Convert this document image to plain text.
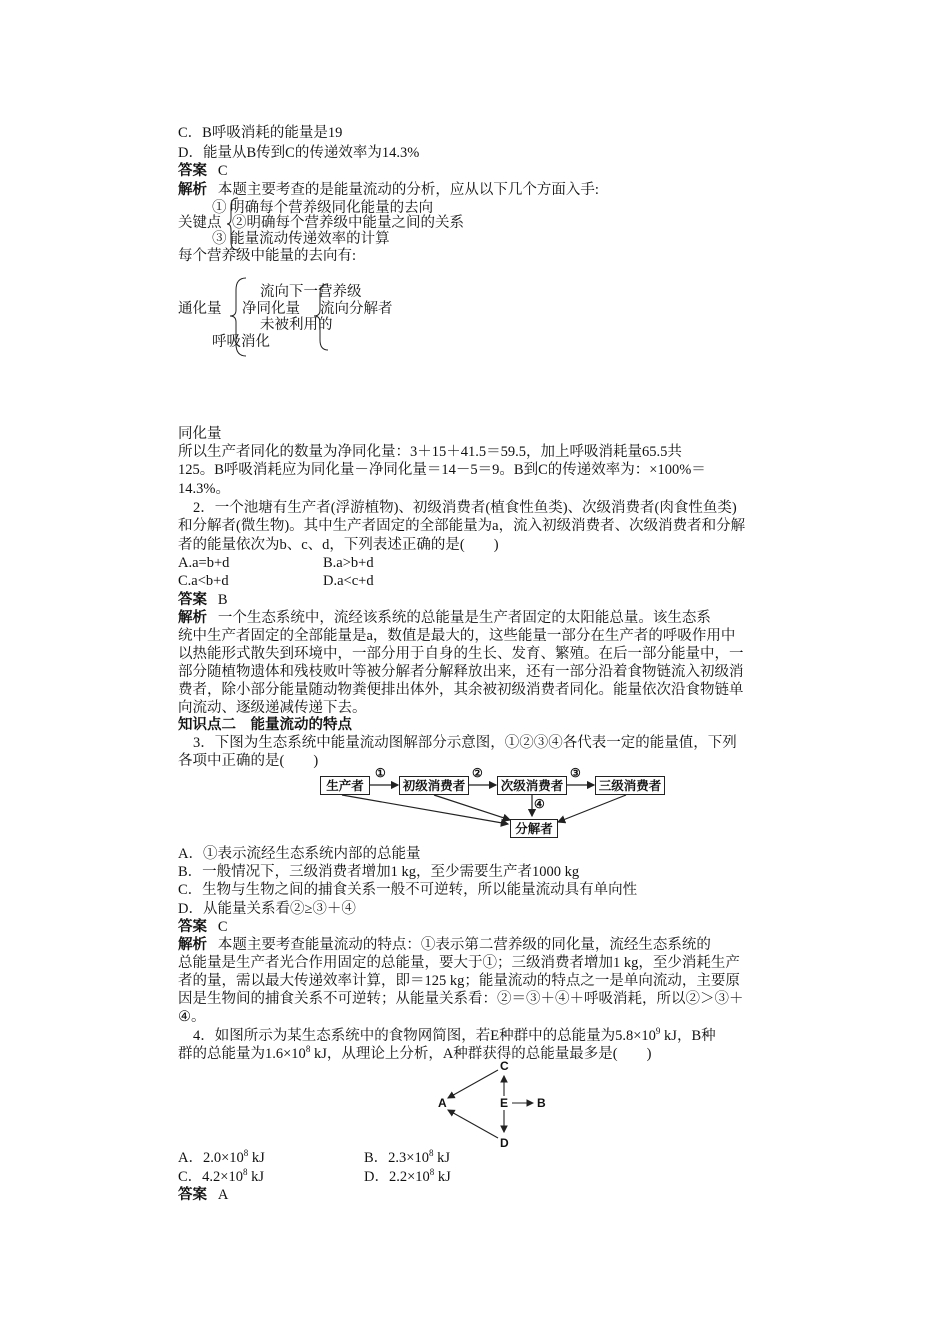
C．B呼吸消耗的能量是19
D．能量从B传到C的传递效率为14.3%
答案 C
解析 本题主要考查的是能量流动的分析，应从以下几个方面入手:
① 明确每个营养级同化能量的去向
关键点 ②明确每个营养级中能量之间的关系
③ 能量流动传递效率的计算
每个营养级中能量的去向有:
通化量 净同化量
呼吸消化
流向下一营养级
流向分解者
未被利用的
同化量
所以生产者同化的数量为净同化量：3＋15＋41.5＝59.5，加上呼吸消耗量65.5共
125。B呼吸消耗应为同化量－净同化量＝14－5＝9。B到C的传递效率为：×100%＝
14.3%。
2．一个池塘有生产者(浮游植物)、初级消费者(植食性鱼类)、次级消费者(肉食性鱼类)
和分解者(微生物)。其中生产者固定的全部能量为a，流入初级消费者、次级消费者和分解
者的能量依次为b、c、d，下列表述正确的是(　　)
A.a=b+d	B.a>b+d
C.a<b+d	D.a<c+d
答案 B
解析 一个生态系统中，流经该系统的总能量是生产者固定的太阳能总量。该生态系
统中生产者固定的全部能量是a，数值是最大的，这些能量一部分在生产者的呼吸作用中
以热能形式散失到环境中，一部分用于自身的生长、发育、繁殖。在后一部分能量中，一
部分随植物遗体和残枝败叶等被分解者分解释放出来，还有一部分沿着食物链流入初级消
费者，除小部分能量随动物粪便排出体外，其余被初级消费者同化。能量依次沿食物链单
向流动、逐级递减传递下去。
知识点二　能量流动的特点
3．下图为生态系统中能量流动图解部分示意图，①②③④各代表一定的能量值，下列
各项中正确的是(　　)
生产者	初级消费者	次级消费者	三级消费者
分解者
①	②	③
④
A．①表示流经生态系统内部的总能量
B．一般情况下，三级消费者增加1 kg，至少需要生产者1000 kg
C．生物与生物之间的捕食关系一般不可逆转，所以能量流动具有单向性
D．从能量关系看②≥③＋④
答案 C
解析 本题主要考查能量流动的特点：①表示第二营养级的同化量，流经生态系统的
总能量是生产者光合作用固定的总能量，要大于①；三级消费者增加1 kg，至少消耗生产
者的量，需以最大传递效率计算，即＝125 kg；能量流动的特点之一是单向流动，主要原
因是生物间的捕食关系不可逆转；从能量关系看：②＝③＋④＋呼吸消耗，所以②＞③＋
④。
4．如图所示为某生态系统中的食物网简图，若E种群中的总能量为$5.8\times 10^9$ kJ，B种
群的总能量为$1.6\times 10^8$ kJ，从理论上分析，A种群获得的总能量最多是(　　)
C
E B
A
D
A．$2.0\times 10^8$ kJ	B．$2.3\times 10^8$ kJ
C．$4.2\times 10^8$ kJ	D．$2.2\times 10^8$ kJ
答案 A
